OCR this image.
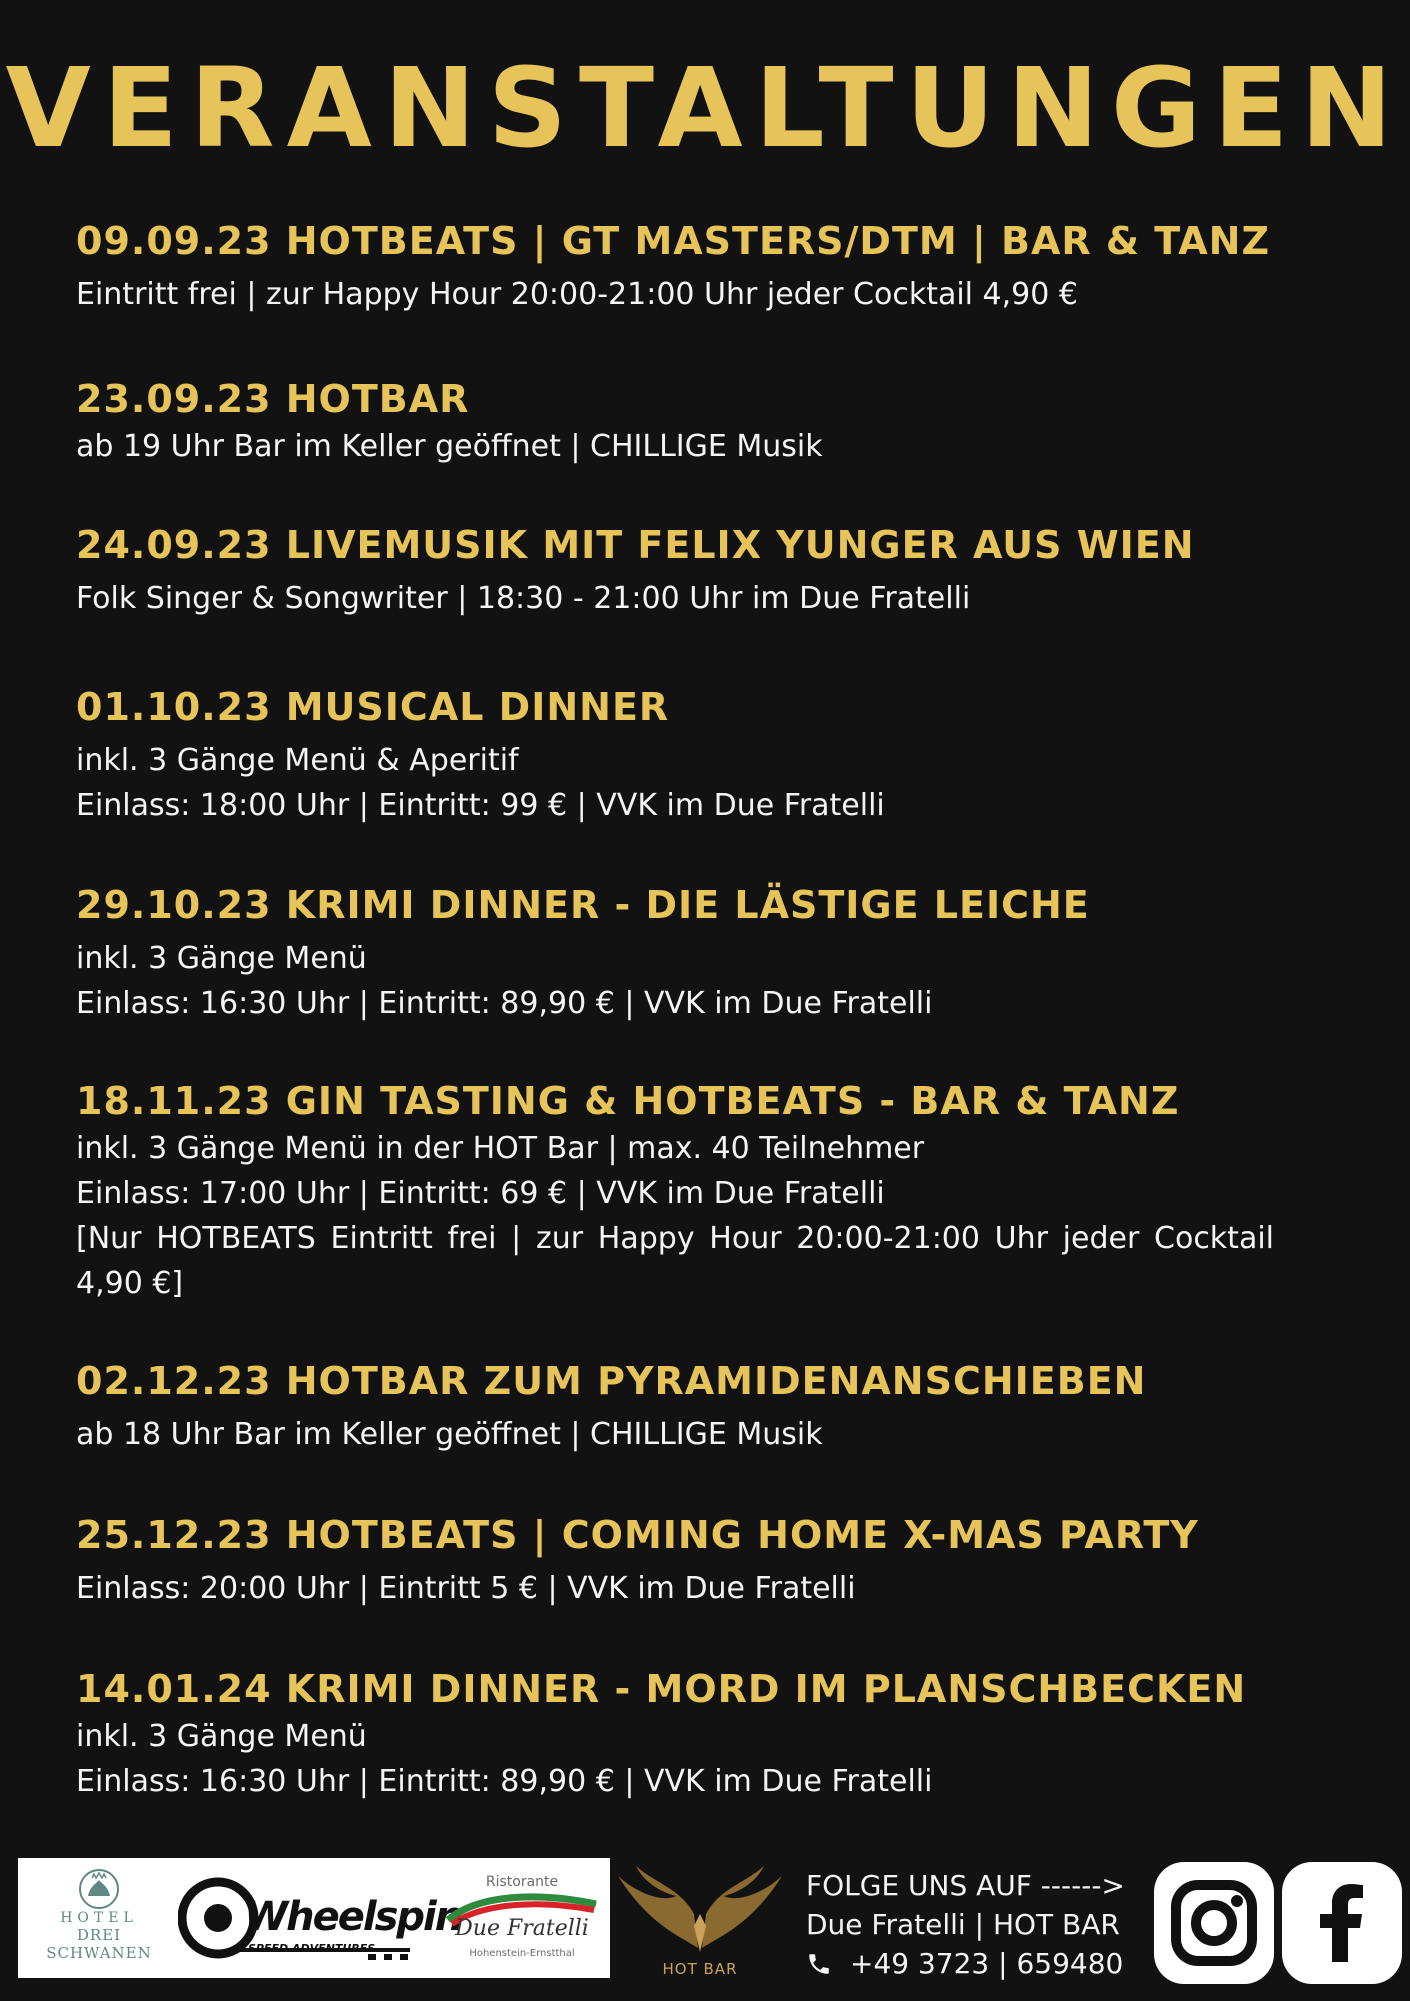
VERANSTALTUNGEN
09.09.23 HOTBEATS | GT MASTERS/DTM | BAR & TANZ
Eintritt frei | zur Happy Hour 20:00-21:00 Uhr jeder Cocktail 4,90 €
23.09.23 HOTBAR
ab 19 Uhr Bar im Keller geöffnet | CHILLIGE Musik
24.09.23 LIVEMUSIK MIT FELIX YUNGER AUS WIEN
Folk Singer & Songwriter | 18:30 - 21:00 Uhr im Due Fratelli
01.10.23 MUSICAL DINNER
inkl. 3 Gänge Menü & Aperitif
Einlass: 18:00 Uhr | Eintritt: 99 € | VVK im Due Fratelli
29.10.23 KRIMI DINNER - DIE LÄSTIGE LEICHE
inkl. 3 Gänge Menü
Einlass: 16:30 Uhr | Eintritt: 89,90 € | VVK im Due Fratelli
18.11.23 GIN TASTING & HOTBEATS - BAR & TANZ
inkl. 3 Gänge Menü in der HOT Bar | max. 40 Teilnehmer
Einlass: 17:00 Uhr | Eintritt: 69 € | VVK im Due Fratelli
[Nur HOTBEATS Eintritt frei | zur Happy Hour 20:00-21:00 Uhr jeder Cocktail 4,90 €]
02.12.23 HOTBAR ZUM PYRAMIDENANSCHIEBEN
ab 18 Uhr Bar im Keller geöffnet | CHILLIGE Musik
25.12.23 HOTBEATS | COMING HOME X-MAS PARTY
Einlass: 20:00 Uhr | Eintritt 5 € | VVK im Due Fratelli
14.01.24 KRIMI DINNER - MORD IM PLANSCHBECKEN
inkl. 3 Gänge Menü
Einlass: 16:30 Uhr | Eintritt: 89,90 € | VVK im Due Fratelli
HOTEL
DREI SCHWANEN
Wheelspin
SPEED ADVENTURES
Ristorante
Due Fratelli
Hohenstein-Ernstthal
HOT BAR
FOLGE UNS AUF ------>
Due Fratelli | HOT BAR
+49 3723 | 659480
